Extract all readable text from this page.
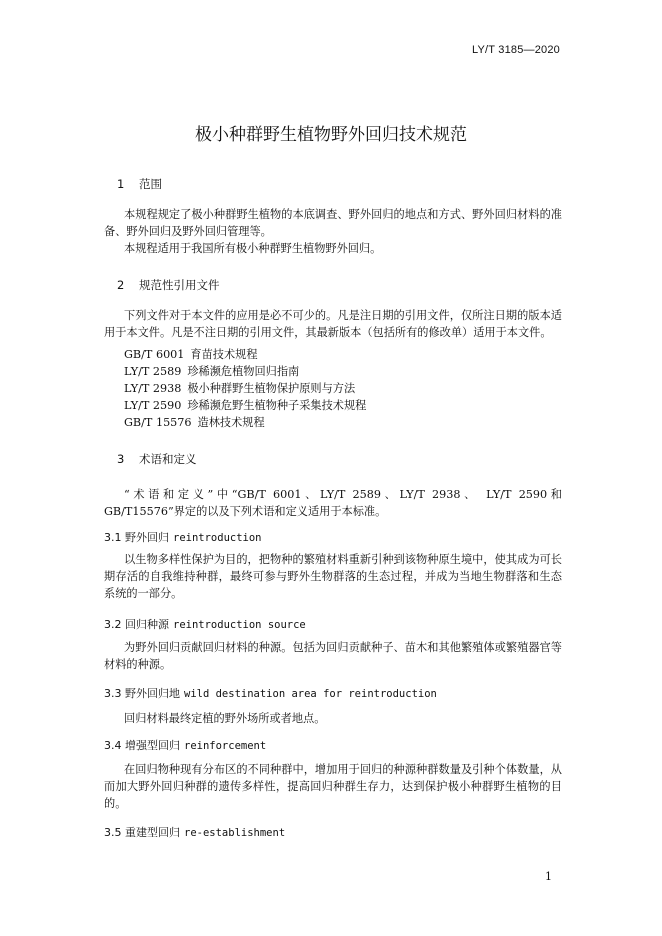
LY/T 3185—2020
极小种群野生植物野外回归技术规范
1 范围

本规程规定了极小种群野生植物的本底调查、野外回归的地点和方式、野外回归材料的准备、野外回归及野外回归管理等。

本规程适用于我国所有极小种群野生植物野外回归。

2 规范性引用文件

下列文件对于本文件的应用是必不可少的。凡是注日期的引用文件，仅所注日期的版本适用于本文件。凡是不注日期的引用文件，其最新版本（包括所有的修改单）适用于本文件。

GB/T 6001 育苗技术规程
LY/T 2589 珍稀濒危植物回归指南
LY/T 2938 极小种群野生植物保护原则与方法
LY/T 2590 珍稀濒危野生植物种子采集技术规程
GB/T 15576 造林技术规程
3 术语和定义

“术语和定义”中“GB/T 6001、LY/T 2589、LY/T 2938、 LY/T 2590和GB/T15576”界定的以及下列术语和定义适用于本标准。

3.1 野外回归 reintroduction

以生物多样性保护为目的，把物种的繁殖材料重新引种到该物种原生境中，使其成为可长期存活的自我维持种群，最终可参与野外生物群落的生态过程，并成为当地生物群落和生态系统的一部分。

3.2 回归种源 reintroduction source

为野外回归贡献回归材料的种源。包括为回归贡献种子、苗木和其他繁殖体或繁殖器官等材料的种源。

3.3 野外回归地 wild destination area for reintroduction

回归材料最终定植的野外场所或者地点。

3.4 增强型回归 reinforcement

在回归物种现有分布区的不同种群中，增加用于回归的种源种群数量及引种个体数量，从而加大野外回归种群的遗传多样性，提高回归种群生存力，达到保护极小种群野生植物的目的。

3.5 重建型回归 re-establishment
1
